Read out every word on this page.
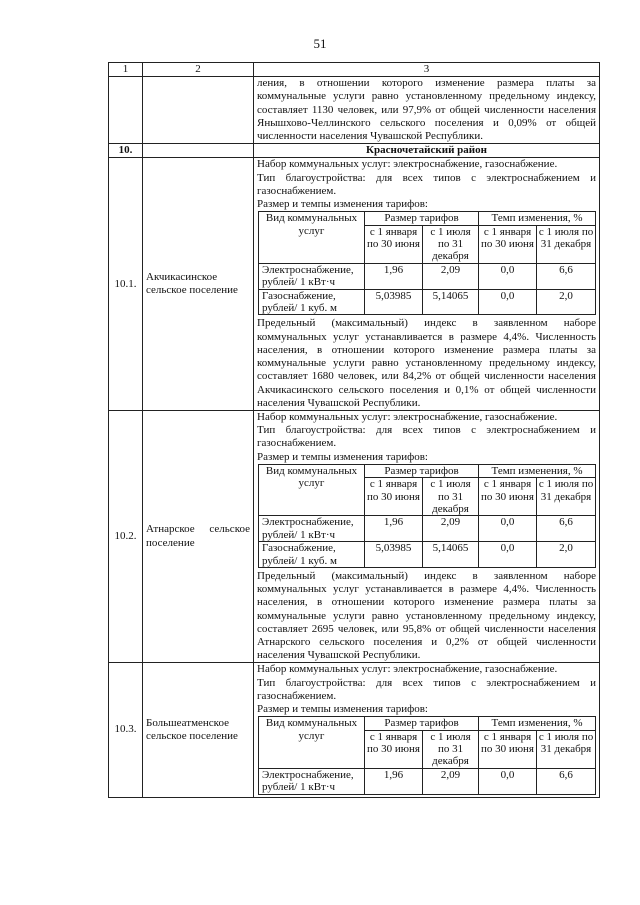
51
1	2	3
		ления, в отношении которого изменение размера платы за коммунальные услуги равно установленному предельному индексу, составляет 1130 человек, или 97,9% от общей численности населения Янышхово-Челлинского сельского поселения и 0,09% от общей численности населения Чувашской Республики.
10.		Красночетайский район
10.1.	Акчикасинское сельское поселение	

Набор коммунальных услуг: электроснабжение, газоснабжение.

Тип благоустройства: для всех типов с электроснабжением и газоснабжением.

Размер и темпы изменения тарифов:

Вид коммунальных услуг	Размер тарифов	Темп изменения, %
с 1 января по 30 июня	с 1 июля по 31 декабря	с 1 января по 30 июня	с 1 июля по 31 декабря
Электроснабжение, рублей/ 1 кВт·ч	1,96	2,09	0,0	6,6
Газоснабжение, рублей/ 1 куб. м	5,03985	5,14065	0,0	2,0

Предельный (максимальный) индекс в заявленном наборе коммунальных услуг устанавливается в размере 4,4%. Численность населения, в отношении которого изменение размера платы за коммунальные услуги равно установленному предельному индексу, составляет 1680 человек, или 84,2% от общей численности населения Акчикасинского сельского поселения и 0,1% от общей численности населения Чувашской Республики.

10.2.	Атнарское сельское поселение	

Набор коммунальных услуг: электроснабжение, газоснабжение.

Тип благоустройства: для всех типов с электроснабжением и газоснабжением.

Размер и темпы изменения тарифов:

Вид коммунальных услуг	Размер тарифов	Темп изменения, %
с 1 января по 30 июня	с 1 июля по 31 декабря	с 1 января по 30 июня	с 1 июля по 31 декабря
Электроснабжение, рублей/ 1 кВт·ч	1,96	2,09	0,0	6,6
Газоснабжение, рублей/ 1 куб. м	5,03985	5,14065	0,0	2,0

Предельный (максимальный) индекс в заявленном наборе коммунальных услуг устанавливается в размере 4,4%. Численность населения, в отношении которого изменение размера платы за коммунальные услуги равно установленному предельному индексу, составляет 2695 человек, или 95,8% от общей численности населения Атнарского сельского поселения и 0,2% от общей численности населения Чувашской Республики.

10.3.	Большеатменское сельское поселение	

Набор коммунальных услуг: электроснабжение, газоснабжение.

Тип благоустройства: для всех типов с электроснабжением и газоснабжением.

Размер и темпы изменения тарифов:

Вид коммунальных услуг	Размер тарифов	Темп изменения, %
с 1 января по 30 июня	с 1 июля по 31 декабря	с 1 января по 30 июня	с 1 июля по 31 декабря
Электроснабжение, рублей/ 1 кВт·ч	1,96	2,09	0,0	6,6
